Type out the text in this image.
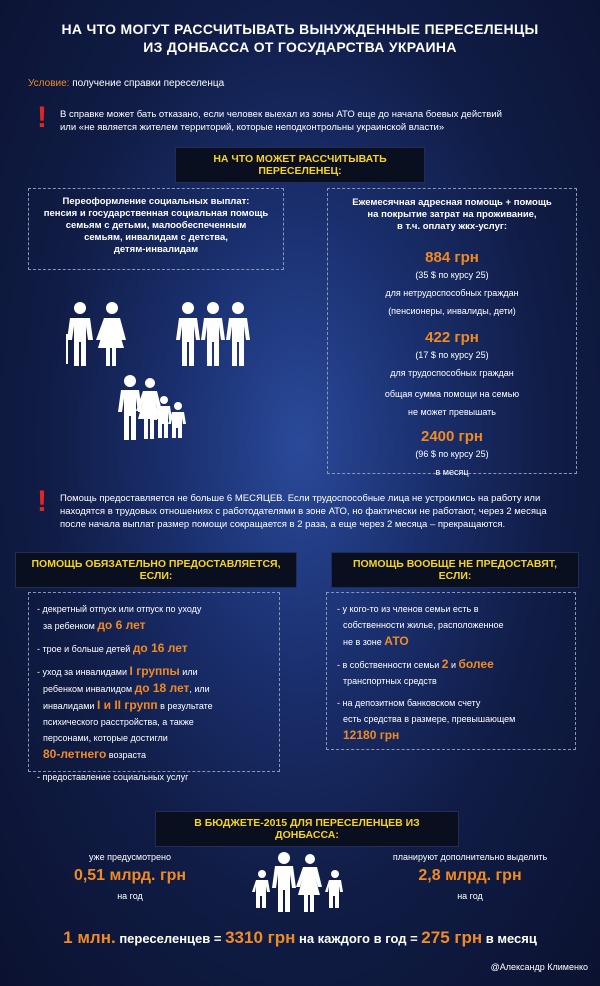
НА ЧТО МОГУТ РАССЧИТЫВАТЬ ВЫНУЖДЕННЫЕ ПЕРЕСЕЛЕНЦЫ
ИЗ ДОНБАССА ОТ ГОСУДАРСТВА УКРАИНА
Условие: получение справки переселенца
! В справке может бать отказано, если человек выехал из зоны АТО еще до начала боевых действий
или «не является жителем территорий, которые неподконтрольны украинской власти»
НА ЧТО МОЖЕТ РАССЧИТЫВАТЬ ПЕРЕСЕЛЕНЕЦ:
Переоформление социальных выплат:
пенсия и государственная социальная помощь
семьям с детьми, малообеспеченным
семьям, инвалидам с детства,
детям-инвалидам
Ежемесячная адресная помощь + помощь
на покрытие затрат на проживание,
в т.ч. оплату жкх-услуг:
884 грн
(35 $ по курсу 25)
для нетрудоспособных граждан
(пенсионеры, инвалиды, дети)
422 грн
(17 $ по курсу 25)
для трудоспособных граждан
общая сумма помощи на семью
не может превышать
2400 грн
(96 $ по курсу 25)
в месяц
! Помощь предоставляется не больше 6 МЕСЯЦЕВ. Если трудоспособные лица не устроились на работу или
находятся в трудовых отношениях с работодателями в зоне АТО, но фактически не работают, через 2 месяца
после начала выплат размер помощи сокращается в 2 раза, а еще через 2 месяца – прекращаются.
ПОМОЩЬ ОБЯЗАТЕЛЬНО ПРЕДОСТАВЛЯЕТСЯ, ЕСЛИ:
ПОМОЩЬ ВООБЩЕ НЕ ПРЕДОСТАВЯТ, ЕСЛИ:
- декретный отпуск или отпуск по уходу
за ребенком до 6 лет
- трое и больше детей до 16 лет
- уход за инвалидами I группы или
ребенком инвалидом до 18 лет, или
инвалидами I и II групп в результате
психического расстройства, а также
персонами, которые достигли
80-летнего возраста
- предоставление социальных услуг
- у кого-то из членов семьи есть в
собственности жилье, расположенное
не в зоне АТО
- в собственности семьи 2 и более
транспортных средств
- на депозитном банковском счету
есть средства в размере, превышающем
12180 грн
В БЮДЖЕТЕ-2015 ДЛЯ ПЕРЕСЕЛЕНЦЕВ ИЗ ДОНБАССА:
уже предусмотрено
0,51 млрд. грн
на год
планируют дополнительно выделить
2,8 млрд. грн
на год
1 млн. переселенцев = 3310 грн на каждого в год = 275 грн в месяц
@Александр Клименко
